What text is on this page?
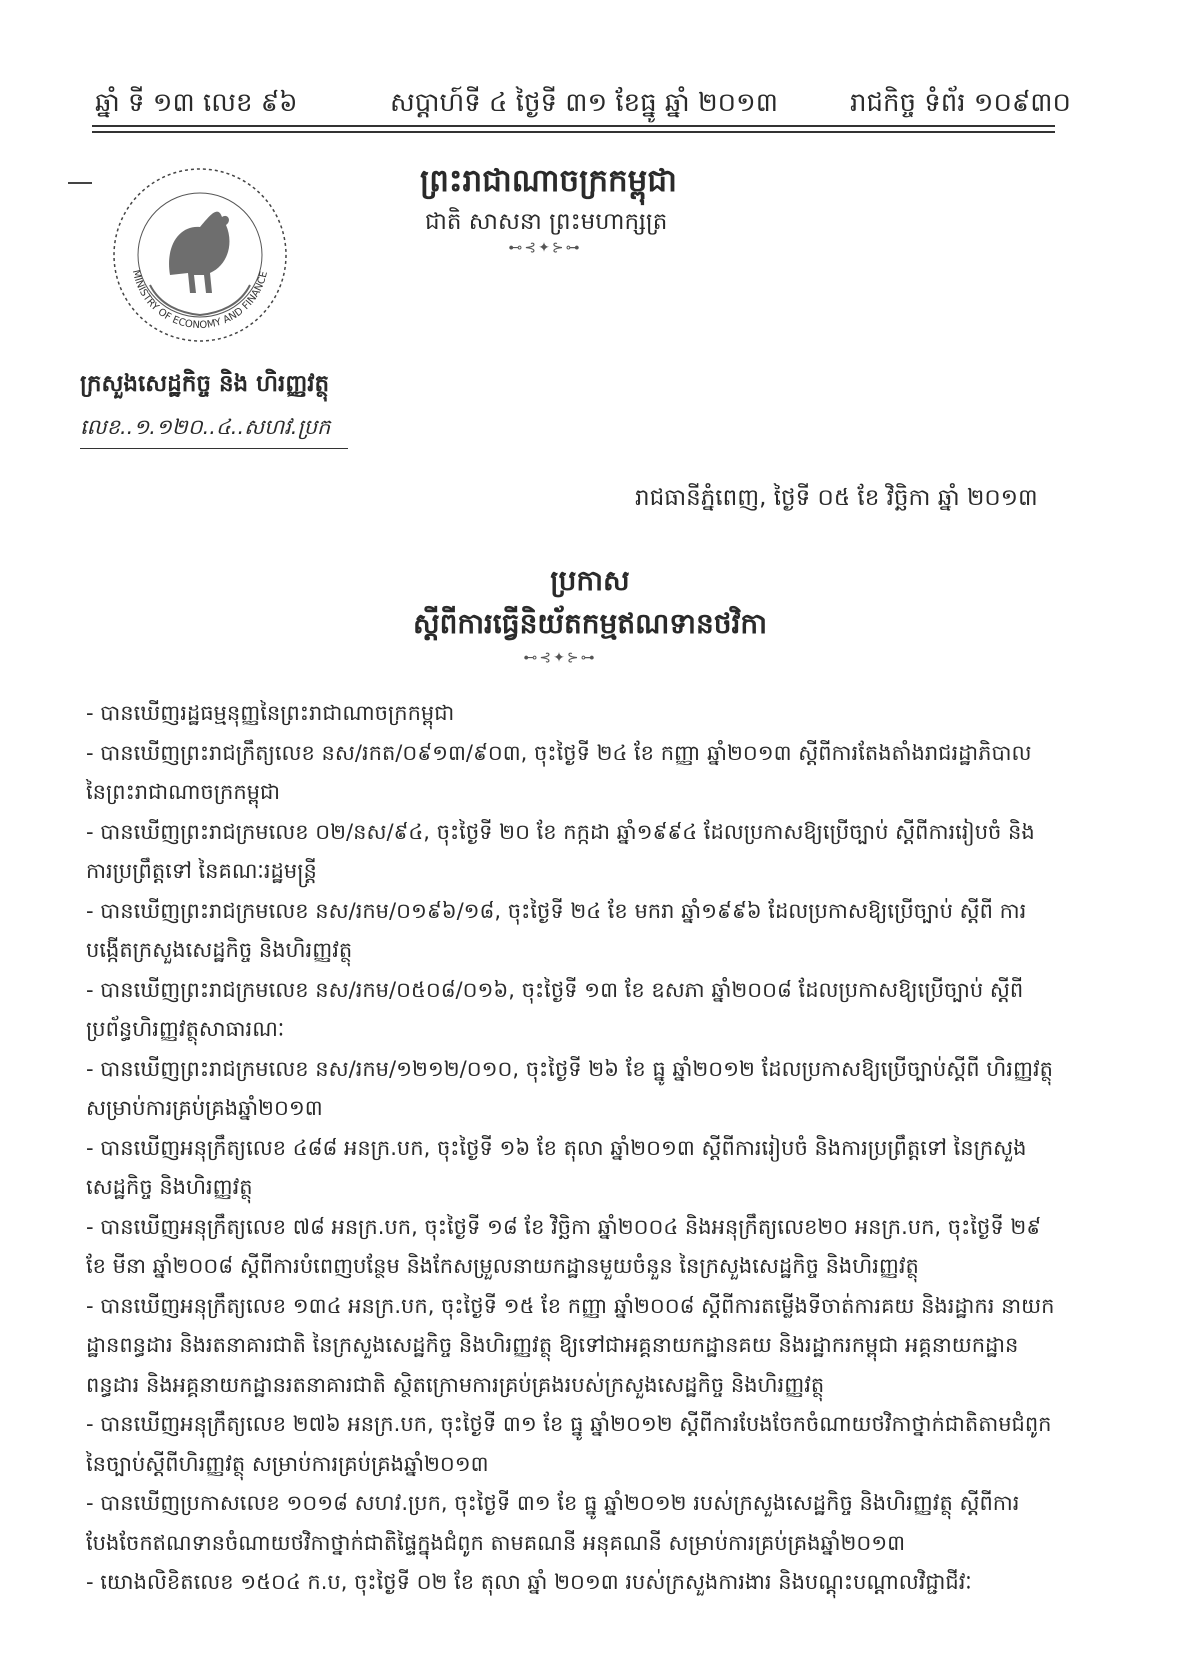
ឆ្នាំ ទី ១៣ លេខ ៩៦	សប្តាហ៍ទី ៤ ថ្ងៃទី ៣១ ខែធ្នូ ឆ្នាំ ២០១៣	រាជកិច្ច ទំព័រ ១០៩៣០
MINISTRY OF ECONOMY AND FINANCE
ព្រះរាជាណាចក្រកម្ពុជា
ជាតិ សាសនា ព្រះមហាក្សត្រ
⊷⊰✦⊱⊶
ក្រសួងសេដ្ឋកិច្ច និង ហិរញ្ញវត្ថុ
លេខ..១.១២០..៤..សហវ.ប្រក
រាជធានីភ្នំពេញ, ថ្ងៃទី ០៥ ខែ វិច្ឆិកា ឆ្នាំ ២០១៣
ប្រកាស
ស្តីពីការធ្វើនិយ័តកម្មឥណទានថវិកា
⊷⊰✦⊱⊶

- បានឃើញរដ្ឋធម្មនុញ្ញនៃព្រះរាជាណាចក្រកម្ពុជា

- បានឃើញព្រះរាជក្រឹត្យលេខ នស/រកត/០៩១៣/៩០៣, ចុះថ្ងៃទី ២៤ ខែ កញ្ញា ឆ្នាំ២០១៣ ស្តីពីការតែងតាំងរាជរដ្ឋាភិបាល នៃព្រះរាជាណាចក្រកម្ពុជា

- បានឃើញព្រះរាជក្រមលេខ ០២/នស/៩៤, ចុះថ្ងៃទី ២០ ខែ កក្កដា ឆ្នាំ១៩៩៤ ដែលប្រកាសឱ្យប្រើច្បាប់ ស្តីពីការរៀបចំ និងការប្រព្រឹត្តទៅ នៃគណៈរដ្ឋមន្ត្រី

- បានឃើញព្រះរាជក្រមលេខ នស/រកម/០១៩៦/១៨, ចុះថ្ងៃទី ២៤ ខែ មករា ឆ្នាំ១៩៩៦ ដែលប្រកាសឱ្យប្រើច្បាប់ ស្តីពី ការបង្កើតក្រសួងសេដ្ឋកិច្ច និងហិរញ្ញវត្ថុ

- បានឃើញព្រះរាជក្រមលេខ នស/រកម/០៥០៨/០១៦, ចុះថ្ងៃទី ១៣ ខែ ឧសភា ឆ្នាំ២០០៨ ដែលប្រកាសឱ្យប្រើច្បាប់ ស្តីពីប្រព័ន្ធហិរញ្ញវត្ថុសាធារណៈ

- បានឃើញព្រះរាជក្រមលេខ នស/រកម/១២១២/០១០, ចុះថ្ងៃទី ២៦ ខែ ធ្នូ ឆ្នាំ២០១២ ដែលប្រកាសឱ្យប្រើច្បាប់ស្តីពី ហិរញ្ញវត្ថុសម្រាប់ការគ្រប់គ្រងឆ្នាំ២០១៣

- បានឃើញអនុក្រឹត្យលេខ ៤៨៨ អនក្រ.បក, ចុះថ្ងៃទី ១៦ ខែ តុលា ឆ្នាំ២០១៣ ស្តីពីការរៀបចំ និងការប្រព្រឹត្តទៅ នៃក្រសួងសេដ្ឋកិច្ច និងហិរញ្ញវត្ថុ

- បានឃើញអនុក្រឹត្យលេខ ៧៨ អនក្រ.បក, ចុះថ្ងៃទី ១៨ ខែ វិច្ឆិកា ឆ្នាំ២០០៤ និងអនុក្រឹត្យលេខ២០ អនក្រ.បក, ចុះថ្ងៃទី ២៩ ខែ មីនា ឆ្នាំ២០០៨ ស្តីពីការបំពេញបន្ថែម និងកែសម្រួលនាយកដ្ឋានមួយចំនួន នៃក្រសួងសេដ្ឋកិច្ច និងហិរញ្ញវត្ថុ

- បានឃើញអនុក្រឹត្យលេខ ១៣៤ អនក្រ.បក, ចុះថ្ងៃទី ១៥ ខែ កញ្ញា ឆ្នាំ២០០៨ ស្តីពីការតម្លើងទីចាត់ការគយ និងរដ្ឋាករ នាយកដ្ឋានពន្ធដារ និងរតនាគារជាតិ នៃក្រសួងសេដ្ឋកិច្ច និងហិរញ្ញវត្ថុ ឱ្យទៅជាអគ្គនាយកដ្ឋានគយ និងរដ្ឋាករកម្ពុជា អគ្គនាយកដ្ឋានពន្ធដារ និងអគ្គនាយកដ្ឋានរតនាគារជាតិ ស្ថិតក្រោមការគ្រប់គ្រងរបស់ក្រសួងសេដ្ឋកិច្ច និងហិរញ្ញវត្ថុ

- បានឃើញអនុក្រឹត្យលេខ ២៧៦ អនក្រ.បក, ចុះថ្ងៃទី ៣១ ខែ ធ្នូ ឆ្នាំ២០១២ ស្តីពីការបែងចែកចំណាយថវិកាថ្នាក់ជាតិតាមជំពូក នៃច្បាប់ស្តីពីហិរញ្ញវត្ថុ សម្រាប់ការគ្រប់គ្រងឆ្នាំ២០១៣

- បានឃើញប្រកាសលេខ ១០១៨ សហវ.ប្រក, ចុះថ្ងៃទី ៣១ ខែ ធ្នូ ឆ្នាំ២០១២ របស់ក្រសួងសេដ្ឋកិច្ច និងហិរញ្ញវត្ថុ ស្តីពីការ បែងចែកឥណទានចំណាយថវិកាថ្នាក់ជាតិផ្ទៃក្នុងជំពូក តាមគណនី អនុគណនី សម្រាប់ការគ្រប់គ្រងឆ្នាំ២០១៣

- យោងលិខិតលេខ ១៥០៤ ក.ប, ចុះថ្ងៃទី ០២ ខែ តុលា ឆ្នាំ ២០១៣ របស់ក្រសួងការងារ និងបណ្តុះបណ្តាលវិជ្ជាជីវៈ
